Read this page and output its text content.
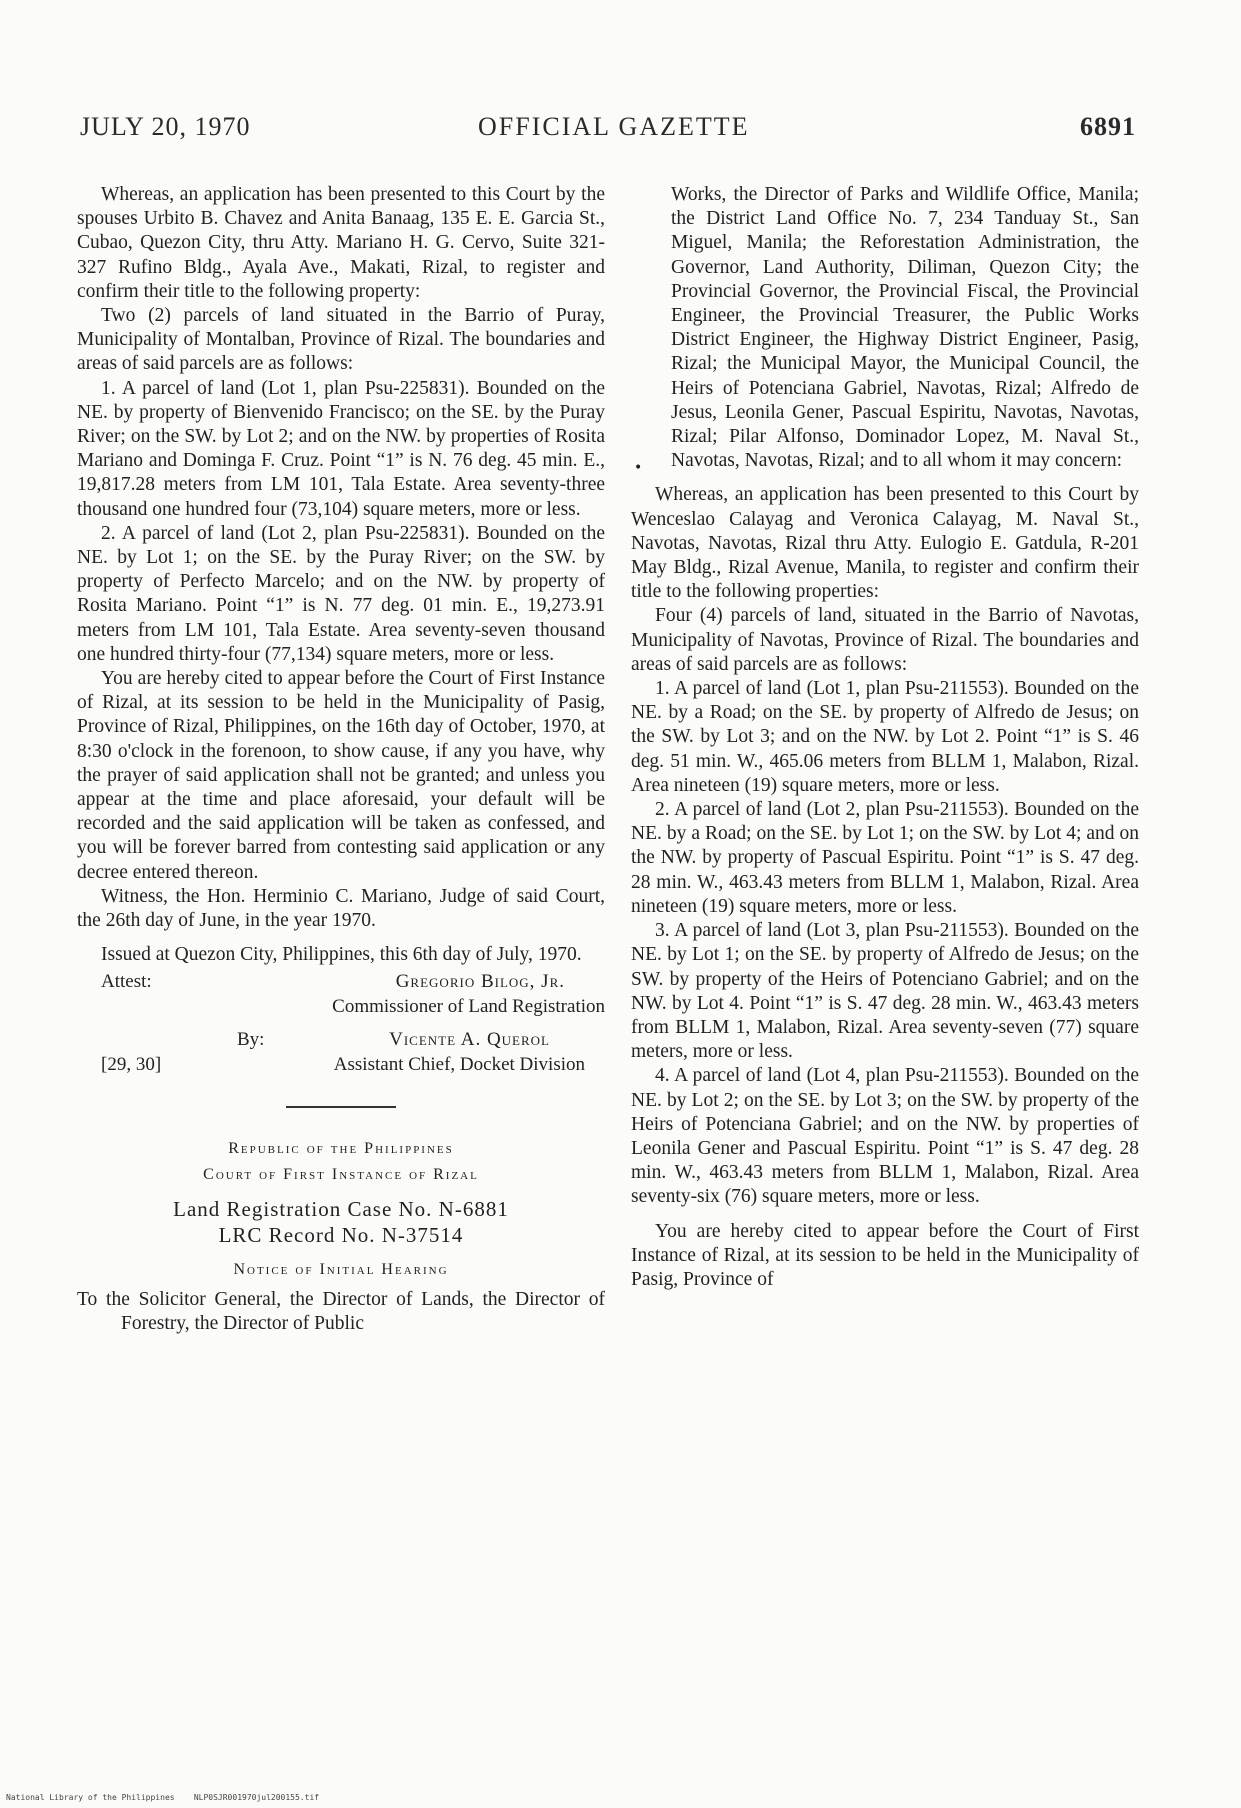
JULY 20, 1970	OFFICIAL GAZETTE	6891

Whereas, an application has been presented to this Court by the spouses Urbito B. Chavez and Anita Banaag, 135 E. E. Garcia St., Cubao, Quezon City, thru Atty. Mariano H. G. Cervo, Suite 321-327 Rufino Bldg., Ayala Ave., Makati, Rizal, to register and confirm their title to the following property:

Two (2) parcels of land situated in the Barrio of Puray, Municipality of Montalban, Province of Rizal. The boundaries and areas of said parcels are as follows:

1. A parcel of land (Lot 1, plan Psu-225831). Bounded on the NE. by property of Bienvenido Francisco; on the SE. by the Puray River; on the SW. by Lot 2; and on the NW. by properties of Rosita Mariano and Dominga F. Cruz. Point “1” is N. 76 deg. 45 min. E., 19,817.28 meters from LM 101, Tala Estate. Area seventy-three thousand one hundred four (73,104) square meters, more or less.

2. A parcel of land (Lot 2, plan Psu-225831). Bounded on the NE. by Lot 1; on the SE. by the Puray River; on the SW. by property of Perfecto Marcelo; and on the NW. by property of Rosita Mariano. Point “1” is N. 77 deg. 01 min. E., 19,273.91 meters from LM 101, Tala Estate. Area seventy-seven thousand one hundred thirty-four (77,134) square meters, more or less.

You are hereby cited to appear before the Court of First Instance of Rizal, at its session to be held in the Municipality of Pasig, Province of Rizal, Philippines, on the 16th day of October, 1970, at 8:30 o'clock in the forenoon, to show cause, if any you have, why the prayer of said application shall not be granted; and unless you appear at the time and place aforesaid, your default will be recorded and the said application will be taken as confessed, and you will be forever barred from contesting said application or any decree entered thereon.

Witness, the Hon. Herminio C. Mariano, Judge of said Court, the 26th day of June, in the year 1970.

Issued at Quezon City, Philippines, this 6th day of July, 1970.

Attest:	Gregorio Bilog, Jr.
Commissioner of Land Registration
By:	Vicente A. Querol
[29, 30]	Assistant Chief, Docket Division
Republic of the Philippines
Court of First Instance of Rizal
Land Registration Case No. N-6881
LRC Record No. N-37514
Notice of Initial Hearing

To the Solicitor General, the Director of Lands, the Director of Forestry, the Director of Public

•

Works, the Director of Parks and Wildlife Office, Manila; the District Land Office No. 7, 234 Tanduay St., San Miguel, Manila; the Reforestation Administration, the Governor, Land Authority, Diliman, Quezon City; the Provincial Governor, the Provincial Fiscal, the Provincial Engineer, the Provincial Treasurer, the Public Works District Engineer, the Highway District Engineer, Pasig, Rizal; the Municipal Mayor, the Municipal Council, the Heirs of Potenciana Gabriel, Navotas, Rizal; Alfredo de Jesus, Leonila Gener, Pascual Espiritu, Navotas, Navotas, Rizal; Pilar Alfonso, Dominador Lopez, M. Naval St., Navotas, Navotas, Rizal; and to all whom it may concern:

Whereas, an application has been presented to this Court by Wenceslao Calayag and Veronica Calayag, M. Naval St., Navotas, Navotas, Rizal thru Atty. Eulogio E. Gatdula, R-201 May Bldg., Rizal Avenue, Manila, to register and confirm their title to the following properties:

Four (4) parcels of land, situated in the Barrio of Navotas, Municipality of Navotas, Province of Rizal. The boundaries and areas of said parcels are as follows:

1. A parcel of land (Lot 1, plan Psu-211553). Bounded on the NE. by a Road; on the SE. by property of Alfredo de Jesus; on the SW. by Lot 3; and on the NW. by Lot 2. Point “1” is S. 46 deg. 51 min. W., 465.06 meters from BLLM 1, Malabon, Rizal. Area nineteen (19) square meters, more or less.

2. A parcel of land (Lot 2, plan Psu-211553). Bounded on the NE. by a Road; on the SE. by Lot 1; on the SW. by Lot 4; and on the NW. by property of Pascual Espiritu. Point “1” is S. 47 deg. 28 min. W., 463.43 meters from BLLM 1, Malabon, Rizal. Area nineteen (19) square meters, more or less.

3. A parcel of land (Lot 3, plan Psu-211553). Bounded on the NE. by Lot 1; on the SE. by property of Alfredo de Jesus; on the SW. by property of the Heirs of Potenciano Gabriel; and on the NW. by Lot 4. Point “1” is S. 47 deg. 28 min. W., 463.43 meters from BLLM 1, Malabon, Rizal. Area seventy-seven (77) square meters, more or less.

4. A parcel of land (Lot 4, plan Psu-211553). Bounded on the NE. by Lot 2; on the SE. by Lot 3; on the SW. by property of the Heirs of Potenciana Gabriel; and on the NW. by properties of Leonila Gener and Pascual Espiritu. Point “1” is S. 47 deg. 28 min. W., 463.43 meters from BLLM 1, Malabon, Rizal. Area seventy-six (76) square meters, more or less.

You are hereby cited to appear before the Court of First Instance of Rizal, at its session to be held in the Municipality of Pasig, Province of

National Library of the Philippines NLP0SJR001970jul200155.tif
